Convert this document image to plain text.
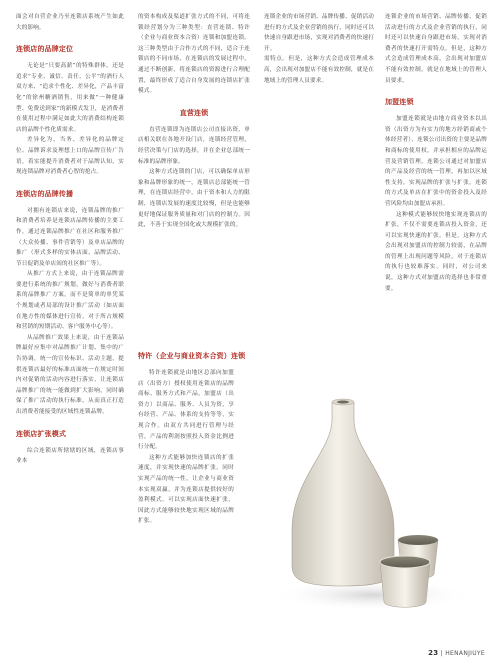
面会对自营企业乃至连锁店系统产生如此大的影响。

连锁店的品牌定位

无论是“只要高薪”的特殊群体，还是追求“专业、诚信、责任、公平”的酒行人双方来、“追求个性化、差异化，产品丰富化”的徐州糖酒销售，用来做“一种健康型、免费送到家”的新模式发卫，是消费者在使用过程中满足如此大的消费结构连锁店的品牌个性化质需求。

差异化为，当务、差异化的品牌定位、品牌诉求及理想上口的品牌宣传广告语，着实能提升消费者对于品牌认知，实现连锁品牌对消费者心智的抢占。

连锁店的品牌传播

对拥有连锁店来说，连锁品牌的推广和消费者培养是连锁店品牌传播的主要工作，通过连锁品牌推广在社区和服务推广（大众传播、事件营销等）及单店品牌的推广（形式多样的实体店面、品牌活动、节日促销及单店间的社区推广等）。

从推广方式上来说，由于连锁品牌需要进行系统的推广规划，做好与消费者联系的品牌推广方案，而不是简单的单凭某个规划或者局部的设计推广活动（如店面在地方性的媒体进行宣传，对于所占规模和营销的短期活动、客户服务中心等）。

从品牌推广效果上来说，由于连锁品牌最好应集中对品牌推广计划、集中的广告协调，统一的宣传标识、活动主题，提供连锁店最好的标准店面统一在规定时间内对促销的活动内容进行落实，让连锁店品牌推广的统一能做到扩大影响，同时确保了推广活动的执行标准，从而真正打造出消费者能接受的区域性连锁品牌。

连锁店扩张模式

综合连锁店所辖辖的区域，连锁店事业本

的资本构成及渠道扩张方式的不同，可将连锁经营划分为三种类型：直营连锁、特许（企业与商业资本合资）连锁和加盟连锁。这三种类型由于合作方式的不同，适合于连锁店的不同市场，在连锁店的发展过程中，通过不断创新，将连锁店的资源进行合理配置，最终形成了适合自身发展的连锁店扩张模式。

直营连锁

直营连锁即为连锁店公司直接出资，单店相关联在各地开设门店，连锁经营管理，经营决策与门店的选择，并在企业总部统一标准的品牌形象。

这种方式连锁的门店，可以确保单店形象和品牌形象的统一，连锁店总部能统一管理，在连锁店经营中，由于资本和人力的限制，连锁店发展的速度比较慢，但是也能够更好地保证服务质量和对门店的控制力。因此，不善于实现全国化或大规模扩张的。

特许（企业与商业资本合资）连锁

特许连锁就是由地区总部向加盟店（出资方）授权使用连锁店的品牌商标、服务方式和产品，加盟店（出资方）以商品、服务、人员为资，享有经营、产品、体系的支持等等，实现合作。由双方共同进行管理与经营，产品的利润按照投入资金比例进行分配。

这种方式能够加快连锁店的扩张速度，并实现快速的品牌扩张，同时实现产品的统一性，让企业与商业资本实现双赢，并为连锁店提供较好的盈利模式。可以实现店面快速扩张，因此方式能够较快地实现区域的品牌扩张。

连锁企业的市场营销、品牌传播、促销活动进行的方式及企业营销的执行，同时还可以快速自身跟进市场，实现对消费者的快速打开。

需特点。但是，这种方式会造成管理成本高，会出现对加盟店不能有效控制，就是在地域上的管理人员要求。

连锁企业的市场营销、品牌传播、促销活动进行的方式及企业营销的执行，同时还可以快速自身跟进市场，实现对消费者的快速打开需特点。但是，这种方式会造成管理成本高，会出现对加盟店不能有效控制，就是在地域上的管理人员要求。

加盟连锁

加盟连锁就是由地方商业资本以出资（出资方为有实力的地方经销商或个体经营者），连锁公司出资的主要是品牌和商标的使用权，并承担相应的品牌运营及营销管理，连锁公司通过对加盟店的产品及经营的统一管理，再加以区域性支持，实现品牌的扩张与扩张。连锁的方式及单店在扩张中的资金投入及经营风险均由加盟店承担。

这种模式能够较快地实现连锁店的扩张，不仅不需要连锁店投入资金，还可以实现快速的扩张。但是，这种方式会出现对加盟店的控制力较弱，在品牌的管理上出现问题等风险，对于连锁店的执行也较难落实。同时，对公司来说，这种方式对加盟店的选择也非常重要。

23 | HENANJIUYE
